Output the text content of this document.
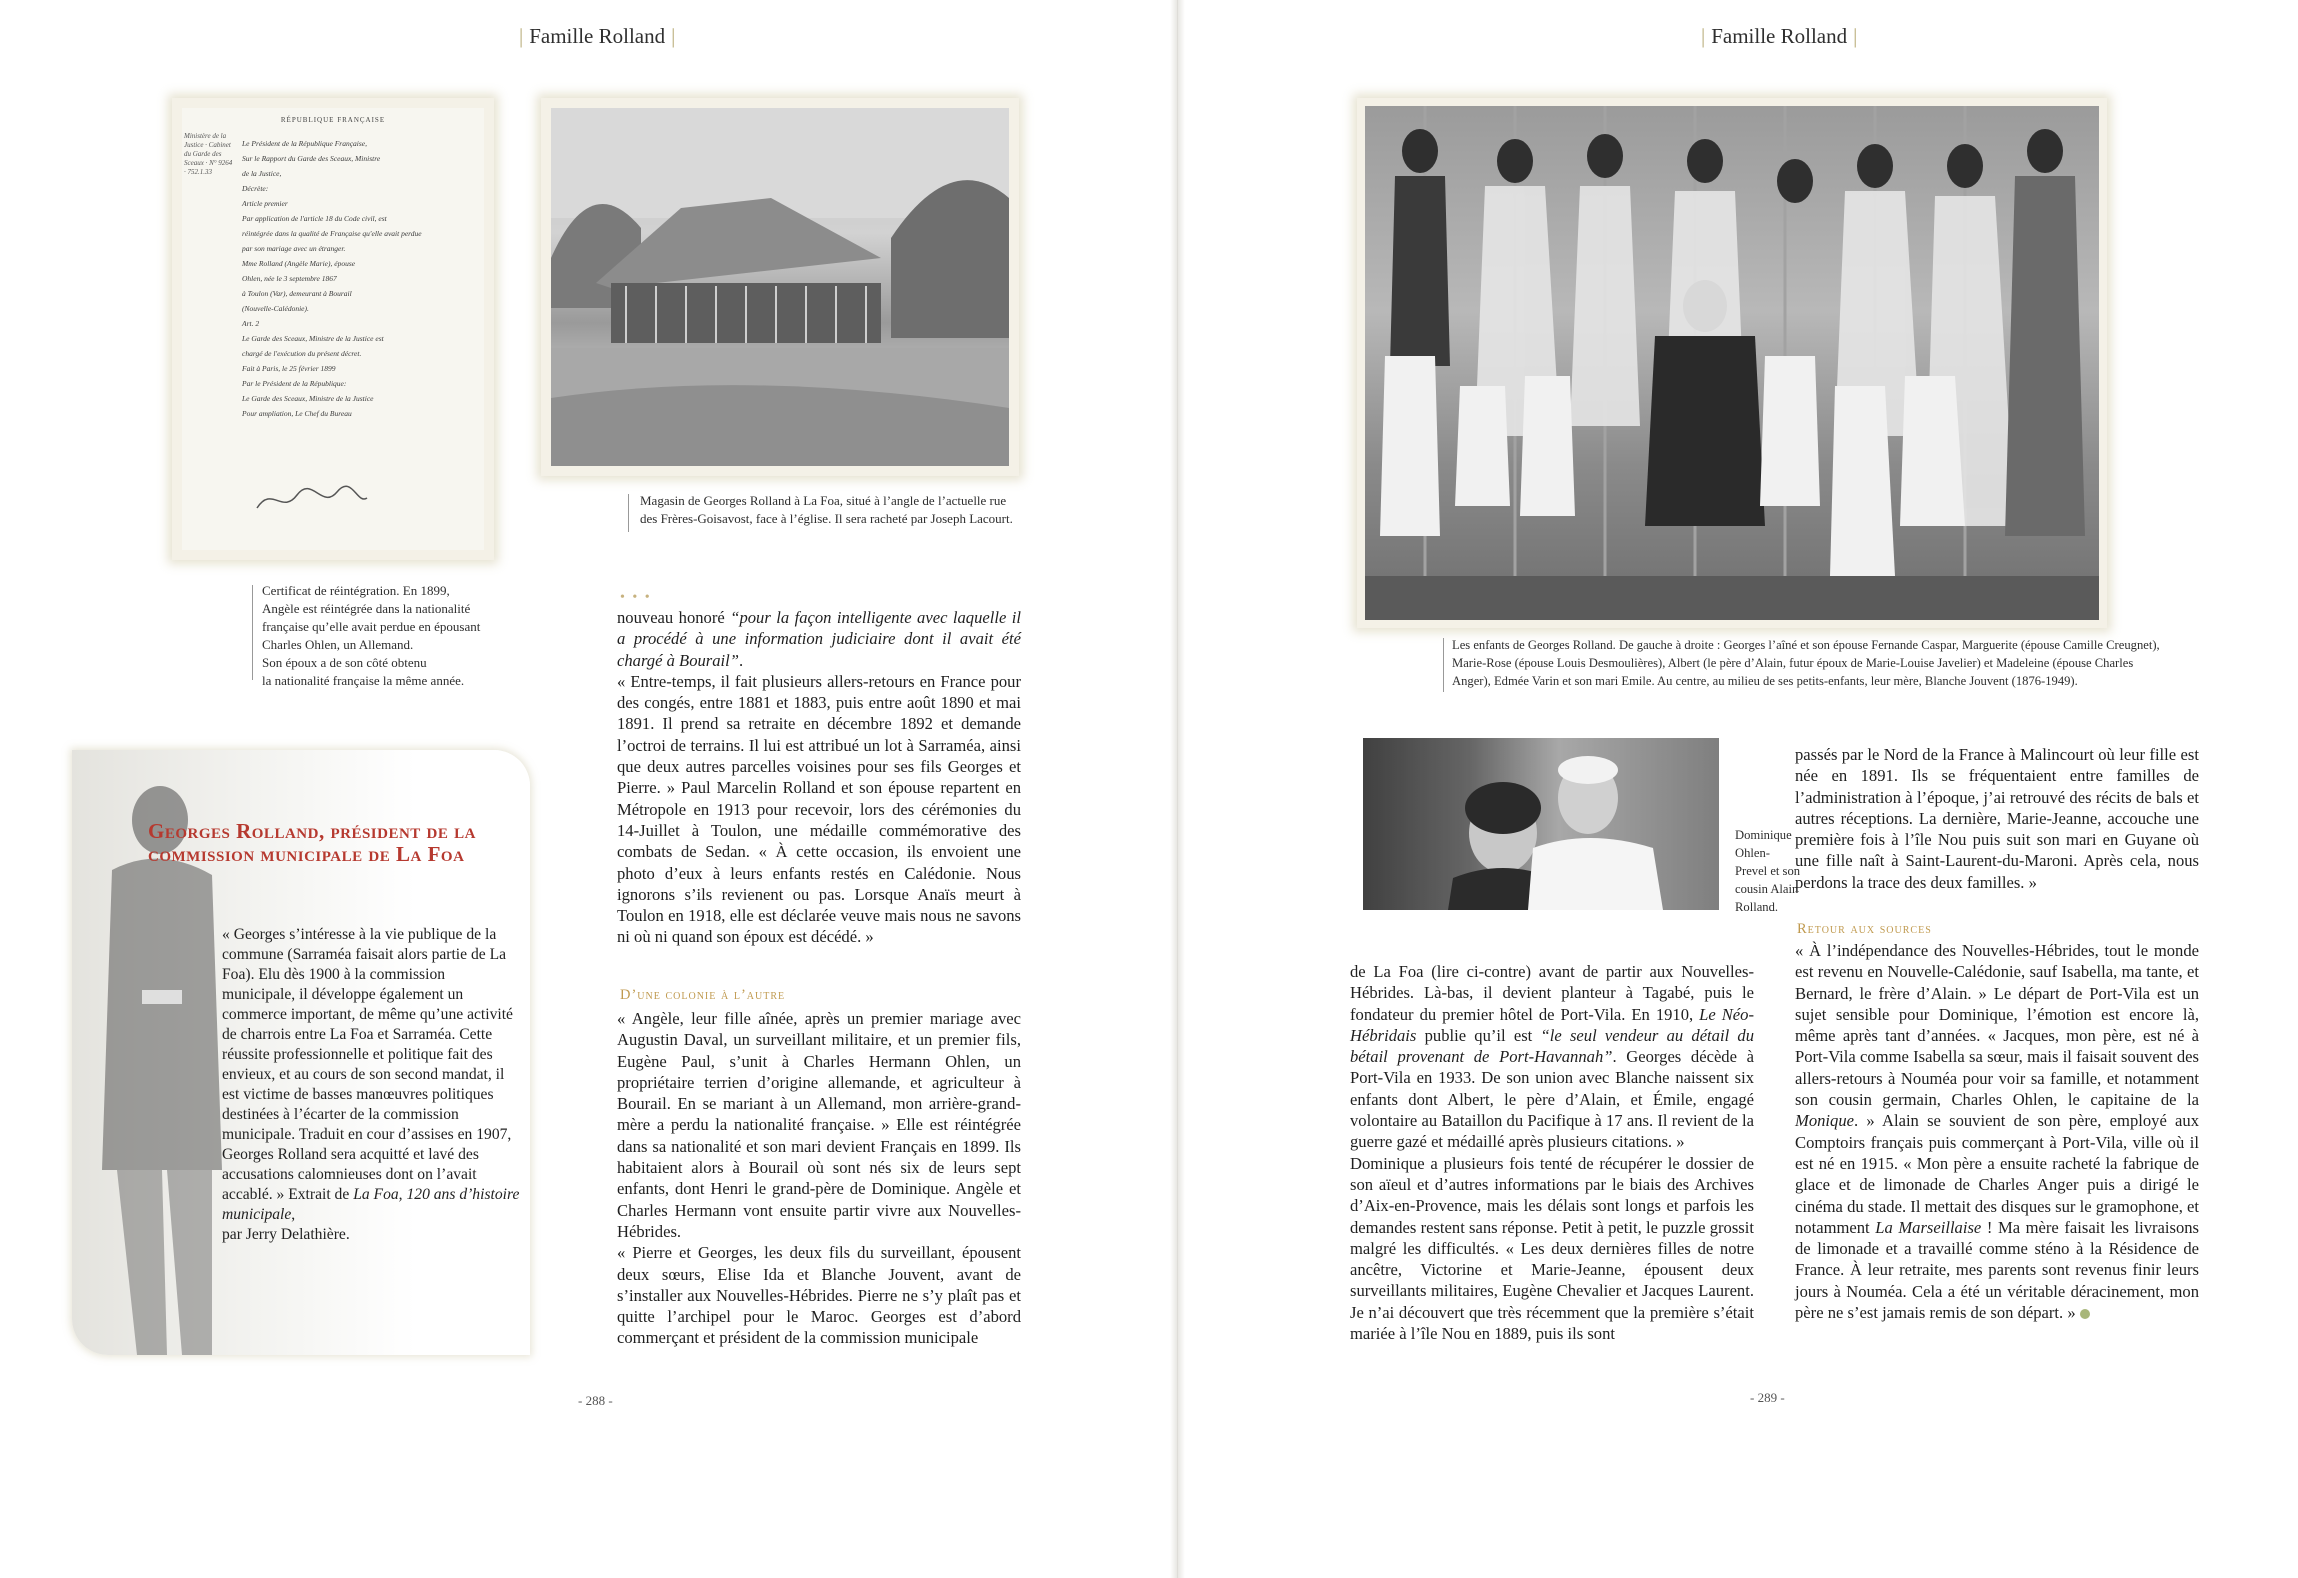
| Famille Rolland |
RÉPUBLIQUE FRANÇAISE
Ministère de la Justice · Cabinet du Garde des Sceaux · N° 9264 · 752.1.33
Le Président de la République Française,
Sur le Rapport du Garde des Sceaux, Ministre
de la Justice,
Décrète:
Article premier
Par application de l'article 18 du Code civil, est
réintégrée dans la qualité de Française qu'elle avait perdue
par son mariage avec un étranger.
Mme Rolland (Angèle Marie), épouse
Ohlen, née le 3 septembre 1867
à Toulon (Var), demeurant à Bourail
(Nouvelle-Calédonie).
Art. 2
Le Garde des Sceaux, Ministre de la Justice est
chargé de l'exécution du présent décret.
Fait à Paris, le 25 février 1899
Par le Président de la République:
Le Garde des Sceaux, Ministre de la Justice
Pour ampliation, Le Chef du Bureau
Certificat de réintégration. En 1899,
Angèle est réintégrée dans la nationalité
française qu’elle avait perdue en épousant
Charles Ohlen, un Allemand.
Son époux a de son côté obtenu
la nationalité française la même année.
Magasin de Georges Rolland à La Foa, situé à l’angle de l’actuelle rue
des Frères-Goisavost, face à l’église. Il sera racheté par Joseph Lacourt.
• • •

nouveau honoré “pour la façon intelligente avec laquelle il a procédé à une information judiciaire dont il avait été chargé à Bourail”.
« Entre-temps, il fait plusieurs allers-retours en France pour des congés, entre 1881 et 1883, puis entre août 1890 et mai 1891. Il prend sa retraite en décembre 1892 et demande l’octroi de terrains. Il lui est attribué un lot à Sarraméa, ainsi que deux autres parcelles voisines pour ses fils Georges et Pierre. » Paul Marcelin Rolland et son épouse repartent en Métropole en 1913 pour recevoir, lors des cérémonies du 14-Juillet à Toulon, une médaille commémorative des combats de Sedan. « À cette occasion, ils envoient une photo d’eux à leurs enfants restés en Calédonie. Nous ignorons s’ils revienent ou pas. Lorsque Anaïs meurt à Toulon en 1918, elle est déclarée veuve mais nous ne savons ni où ni quand son époux est décédé. »

D’une colonie à l’autre

« Angèle, leur fille aînée, après un premier mariage avec Augustin Daval, un surveillant militaire, et un premier fils, Eugène Paul, s’unit à Charles Hermann Ohlen, un propriétaire terrien d’origine allemande, et agriculteur à Bourail. En se mariant à un Allemand, mon arrière-grand-mère a perdu la nationalité française. » Elle est réintégrée dans sa nationalité et son mari devient Français en 1899. Ils habitaient alors à Bourail où sont nés six de leurs sept enfants, dont Henri le grand-père de Dominique. Angèle et Charles Hermann vont ensuite partir vivre aux Nouvelles-Hébrides.
« Pierre et Georges, les deux fils du surveillant, épousent deux sœurs, Elise Ida et Blanche Jouvent, avant de s’installer aux Nouvelles-Hébrides. Pierre ne s’y plaît pas et quitte l’archipel pour le Maroc. Georges est d’abord commerçant et président de la commission municipale

Georges Rolland, président de la commission municipale de La Foa
« Georges s’intéresse à la vie publique de la commune (Sarraméa faisait alors partie de La Foa). Elu dès 1900 à la commission municipale, il développe également un commerce important, de même qu’une activité de charrois entre La Foa et Sarraméa. Cette réussite professionnelle et politique fait des envieux, et au cours de son second mandat, il est victime de basses manœuvres politiques destinées à l’écarter de la commission municipale. Traduit en cour d’assises en 1907, Georges Rolland sera acquitté et lavé des accusations calomnieuses dont on l’avait accablé. » Extrait de La Foa, 120 ans d’histoire municipale,
par Jerry Delathière.
- 288 -
| Famille Rolland |
Les enfants de Georges Rolland. De gauche à droite : Georges l’aîné et son épouse Fernande Caspar, Marguerite (épouse Camille Creugnet),
Marie-Rose (épouse Louis Desmoulières), Albert (le père d’Alain, futur époux de Marie-Louise Javelier) et Madeleine (épouse Charles
Anger), Edmée Varin et son mari Emile. Au centre, au milieu de ses petits-enfants, leur mère, Blanche Jouvent (1876-1949).
Dominique
Ohlen-
Prevel et son
cousin Alain
Rolland.

de La Foa (lire ci-contre) avant de partir aux Nouvelles-Hébrides. Là-bas, il devient planteur à Tagabé, puis le fondateur du premier hôtel de Port-Vila. En 1910, Le Néo-Hébridais publie qu’il est “le seul vendeur au détail du bétail provenant de Port-Havannah”. Georges décède à Port-Vila en 1933. De son union avec Blanche naissent six enfants dont Albert, le père d’Alain, et Émile, engagé volontaire au Bataillon du Pacifique à 17 ans. Il revient de la guerre gazé et médaillé après plusieurs citations. »
Dominique a plusieurs fois tenté de récupérer le dossier de son aïeul et d’autres informations par le biais des Archives d’Aix-en-Provence, mais les délais sont longs et parfois les demandes restent sans réponse. Petit à petit, le puzzle grossit malgré les difficultés. « Les deux dernières filles de notre ancêtre, Victorine et Marie-Jeanne, épousent deux surveillants militaires, Eugène Chevalier et Jacques Laurent. Je n’ai découvert que très récemment que la première s’était mariée à l’île Nou en 1889, puis ils sont

passés par le Nord de la France à Malincourt où leur fille est née en 1891. Ils se fréquentaient entre familles de l’administration à l’époque, j’ai retrouvé des récits de bals et autres réceptions. La dernière, Marie-Jeanne, accouche une première fois à l’île Nou puis suit son mari en Guyane où une fille naît à Saint-Laurent-du-Maroni. Après cela, nous perdons la trace des deux familles. »

Retour aux sources

« À l’indépendance des Nouvelles-Hébrides, tout le monde est revenu en Nouvelle-Calédonie, sauf Isabella, ma tante, et Bernard, le frère d’Alain. » Le départ de Port-Vila est un sujet sensible pour Dominique, l’émotion est encore là, même après tant d’années. « Jacques, mon père, est né à Port-Vila comme Isabella sa sœur, mais il faisait souvent des allers-retours à Nouméa pour voir sa famille, et notamment son cousin germain, Charles Ohlen, le capitaine de la Monique. » Alain se souvient de son père, employé aux Comptoirs français puis commerçant à Port-Vila, ville où il est né en 1915. « Mon père a ensuite racheté la fabrique de glace et de limonade de Charles Anger puis a dirigé le cinéma du stade. Il mettait des disques sur le gramophone, et notamment La Marseillaise ! Ma mère faisait les livraisons de limonade et a travaillé comme sténo à la Résidence de France. À leur retraite, mes parents sont revenus finir leurs jours à Nouméa. Cela a été un véritable déracinement, mon père ne s’est jamais remis de son départ. »

- 289 -
